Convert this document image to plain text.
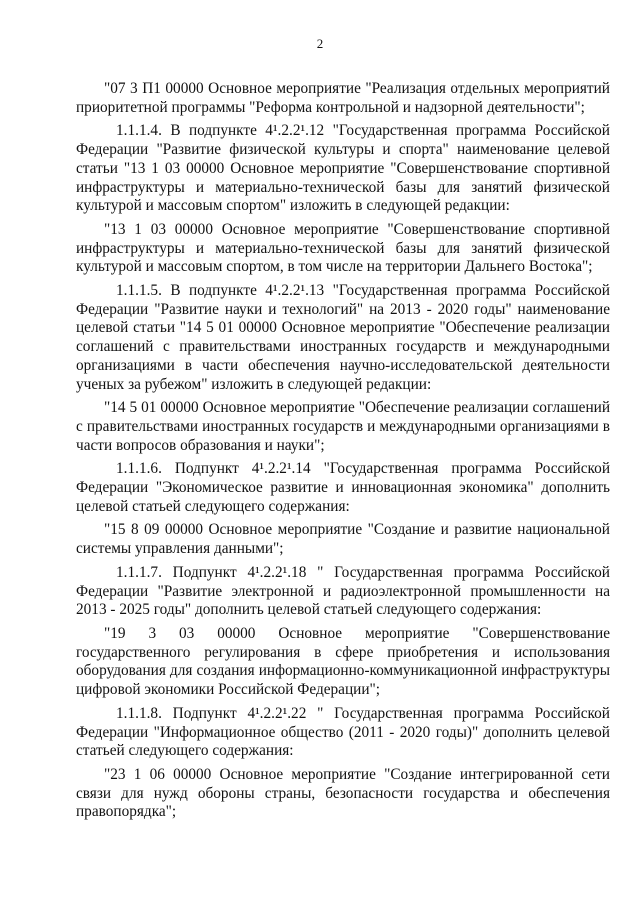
2

"07 3 П1 00000 Основное мероприятие "Реализация отдельных мероприятий приоритетной программы "Реформа контрольной и надзорной деятельности";

1.1.1.4. В подпункте 4¹.2.2¹.12 "Государственная программа Российской Федерации "Развитие физической культуры и спорта" наименование целевой статьи "13 1 03 00000 Основное мероприятие "Совершенствование спортивной инфраструктуры и материально-технической базы для занятий физической культурой и массовым спортом" изложить в следующей редакции:

"13 1 03 00000 Основное мероприятие "Совершенствование спортивной инфраструктуры и материально-технической базы для занятий физической культурой и массовым спортом, в том числе на территории Дальнего Востока";

1.1.1.5. В подпункте 4¹.2.2¹.13 "Государственная программа Российской Федерации "Развитие науки и технологий" на 2013 - 2020 годы" наименование целевой статьи "14 5 01 00000 Основное мероприятие "Обеспечение реализации соглашений с правительствами иностранных государств и международными организациями в части обеспечения научно-исследовательской деятельности ученых за рубежом" изложить в следующей редакции:

"14 5 01 00000 Основное мероприятие "Обеспечение реализации соглашений с правительствами иностранных государств и международными организациями в части вопросов образования и науки";

1.1.1.6. Подпункт 4¹.2.2¹.14 "Государственная программа Российской Федерации "Экономическое развитие и инновационная экономика" дополнить целевой статьей следующего содержания:

"15 8 09 00000 Основное мероприятие "Создание и развитие национальной системы управления данными";

1.1.1.7. Подпункт 4¹.2.2¹.18 " Государственная программа Российской Федерации "Развитие электронной и радиоэлектронной промышленности на 2013 - 2025 годы" дополнить целевой статьей следующего содержания:

"19 3 03 00000 Основное мероприятие "Совершенствование государственного регулирования в сфере приобретения и использования оборудования для создания информационно-коммуникационной инфраструктуры цифровой экономики Российской Федерации";

1.1.1.8. Подпункт 4¹.2.2¹.22 " Государственная программа Российской Федерации "Информационное общество (2011 - 2020 годы)" дополнить целевой статьей следующего содержания:

"23 1 06 00000 Основное мероприятие "Создание интегрированной сети связи для нужд обороны страны, безопасности государства и обеспечения правопорядка";
